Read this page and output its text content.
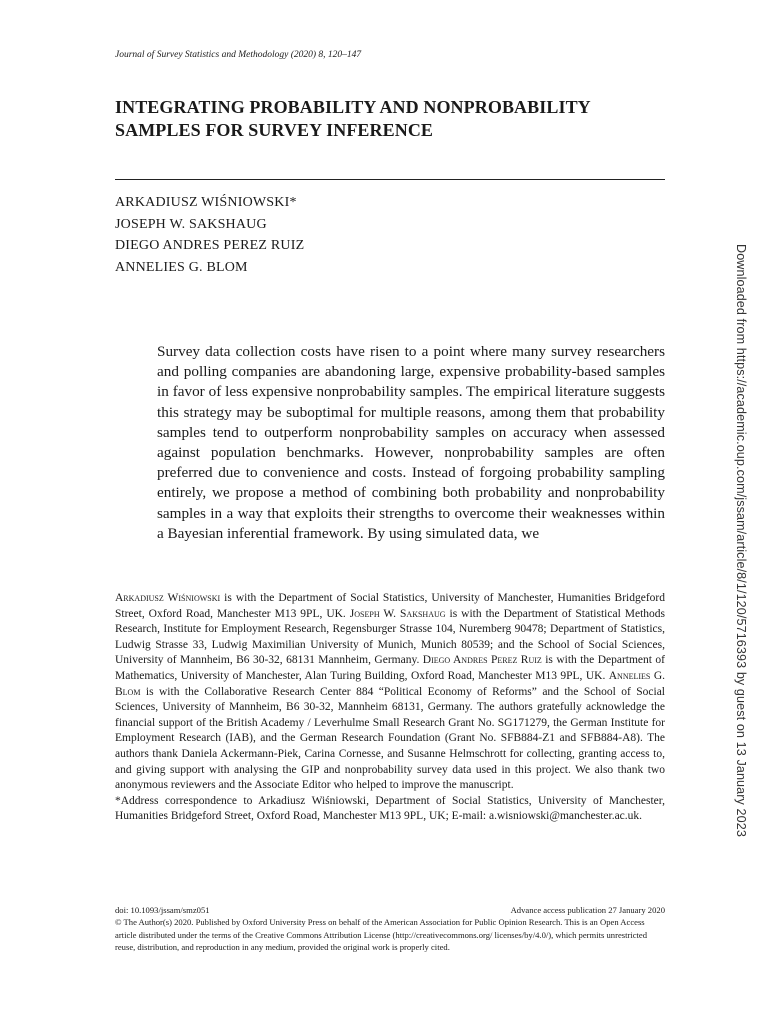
Journal of Survey Statistics and Methodology (2020) 8, 120–147
INTEGRATING PROBABILITY AND NONPROBABILITY SAMPLES FOR SURVEY INFERENCE
ARKADIUSZ WIŚNIOWSKI*
JOSEPH W. SAKSHAUG
DIEGO ANDRES PEREZ RUIZ
ANNELIES G. BLOM
Survey data collection costs have risen to a point where many survey researchers and polling companies are abandoning large, expensive probability-based samples in favor of less expensive nonprobability samples. The empirical literature suggests this strategy may be suboptimal for multiple reasons, among them that probability samples tend to outperform nonprobability samples on accuracy when assessed against population benchmarks. However, nonprobability samples are often preferred due to convenience and costs. Instead of forgoing probability sampling entirely, we propose a method of combining both probability and nonprobability samples in a way that exploits their strengths to overcome their weaknesses within a Bayesian inferential framework. By using simulated data, we

Arkadiusz Wiśniowski is with the Department of Social Statistics, University of Manchester, Humanities Bridgeford Street, Oxford Road, Manchester M13 9PL, UK. Joseph W. Sakshaug is with the Department of Statistical Methods Research, Institute for Employment Research, Regensburger Strasse 104, Nuremberg 90478; Department of Statistics, Ludwig Strasse 33, Ludwig Maximilian University of Munich, Munich 80539; and the School of Social Sciences, University of Mannheim, B6 30-32, 68131 Mannheim, Germany. Diego Andres Perez Ruiz is with the Department of Mathematics, University of Manchester, Alan Turing Building, Oxford Road, Manchester M13 9PL, UK. Annelies G. Blom is with the Collaborative Research Center 884 “Political Economy of Reforms” and the School of Social Sciences, University of Mannheim, B6 30-32, Mannheim 68131, Germany. The authors gratefully acknowledge the financial support of the British Academy / Leverhulme Small Research Grant No. SG171279, the German Institute for Employment Research (IAB), and the German Research Foundation (Grant No. SFB884-Z1 and SFB884-A8). The authors thank Daniela Ackermann-Piek, Carina Cornesse, and Susanne Helmschrott for collecting, granting access to, and giving support with analysing the GIP and nonprobability survey data used in this project. We also thank two anonymous reviewers and the Associate Editor who helped to improve the manuscript.

*Address correspondence to Arkadiusz Wiśniowski, Department of Social Statistics, University of Manchester, Humanities Bridgeford Street, Oxford Road, Manchester M13 9PL, UK; E-mail: a.wisniowski@manchester.ac.uk.

doi: 10.1093/jssam/smz051	Advance access publication 27 January 2020
© The Author(s) 2020. Published by Oxford University Press on behalf of the American Association for Public Opinion Research. This is an Open Access article distributed under the terms of the Creative Commons Attribution License (http://creativecommons.org/ licenses/by/4.0/), which permits unrestricted reuse, distribution, and reproduction in any medium, provided the original work is properly cited.
Downloaded from https://academic.oup.com/jssam/article/8/1/120/5716393 by guest on 13 January 2023
